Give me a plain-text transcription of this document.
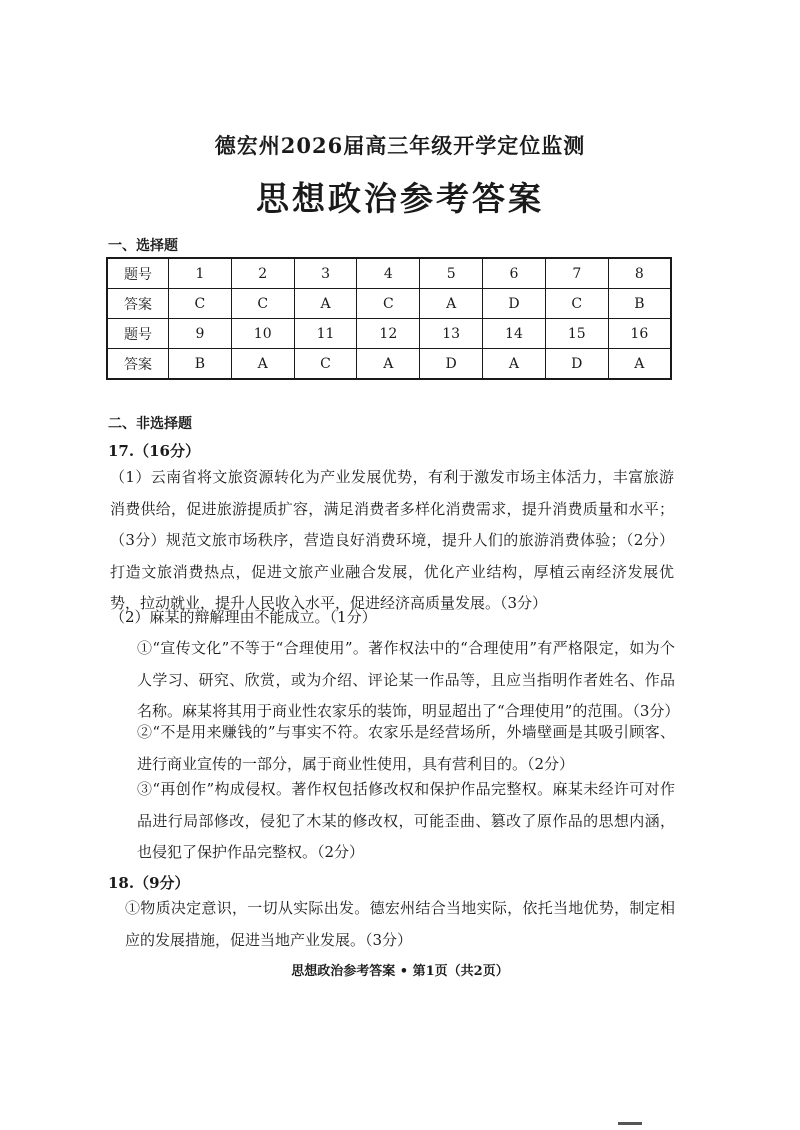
德宏州2026届高三年级开学定位监测
思想政治参考答案
一、选择题
题号	1	2	3	4	5	6	7	8
答案	C	C	A	C	A	D	C	B
题号	9	10	11	12	13	14	15	16
答案	B	A	C	A	D	A	D	A
二、非选择题
17.（16分）
（1）云南省将文旅资源转化为产业发展优势，有利于激发市场主体活力，丰富旅游消费供给，促进旅游提质扩容，满足消费者多样化消费需求，提升消费质量和水平；（3分）规范文旅市场秩序，营造良好消费环境，提升人们的旅游消费体验；（2分）打造文旅消费热点，促进文旅产业融合发展，优化产业结构，厚植云南经济发展优势，拉动就业，提升人民收入水平，促进经济高质量发展。（3分）
（2）麻某的辩解理由不能成立。（1分）
①“宣传文化”不等于“合理使用”。著作权法中的“合理使用”有严格限定，如为个人学习、研究、欣赏，或为介绍、评论某一作品等，且应当指明作者姓名、作品名称。麻某将其用于商业性农家乐的装饰，明显超出了“合理使用”的范围。（3分）
②“不是用来赚钱的”与事实不符。农家乐是经营场所，外墙壁画是其吸引顾客、进行商业宣传的一部分，属于商业性使用，具有营利目的。（2分）
③“再创作”构成侵权。著作权包括修改权和保护作品完整权。麻某未经许可对作品进行局部修改，侵犯了木某的修改权，可能歪曲、篡改了原作品的思想内涵，也侵犯了保护作品完整权。（2分）
18.（9分）
①物质决定意识，一切从实际出发。德宏州结合当地实际，依托当地优势，制定相应的发展措施，促进当地产业发展。（3分）
思想政治参考答案 • 第1页（共2页）
